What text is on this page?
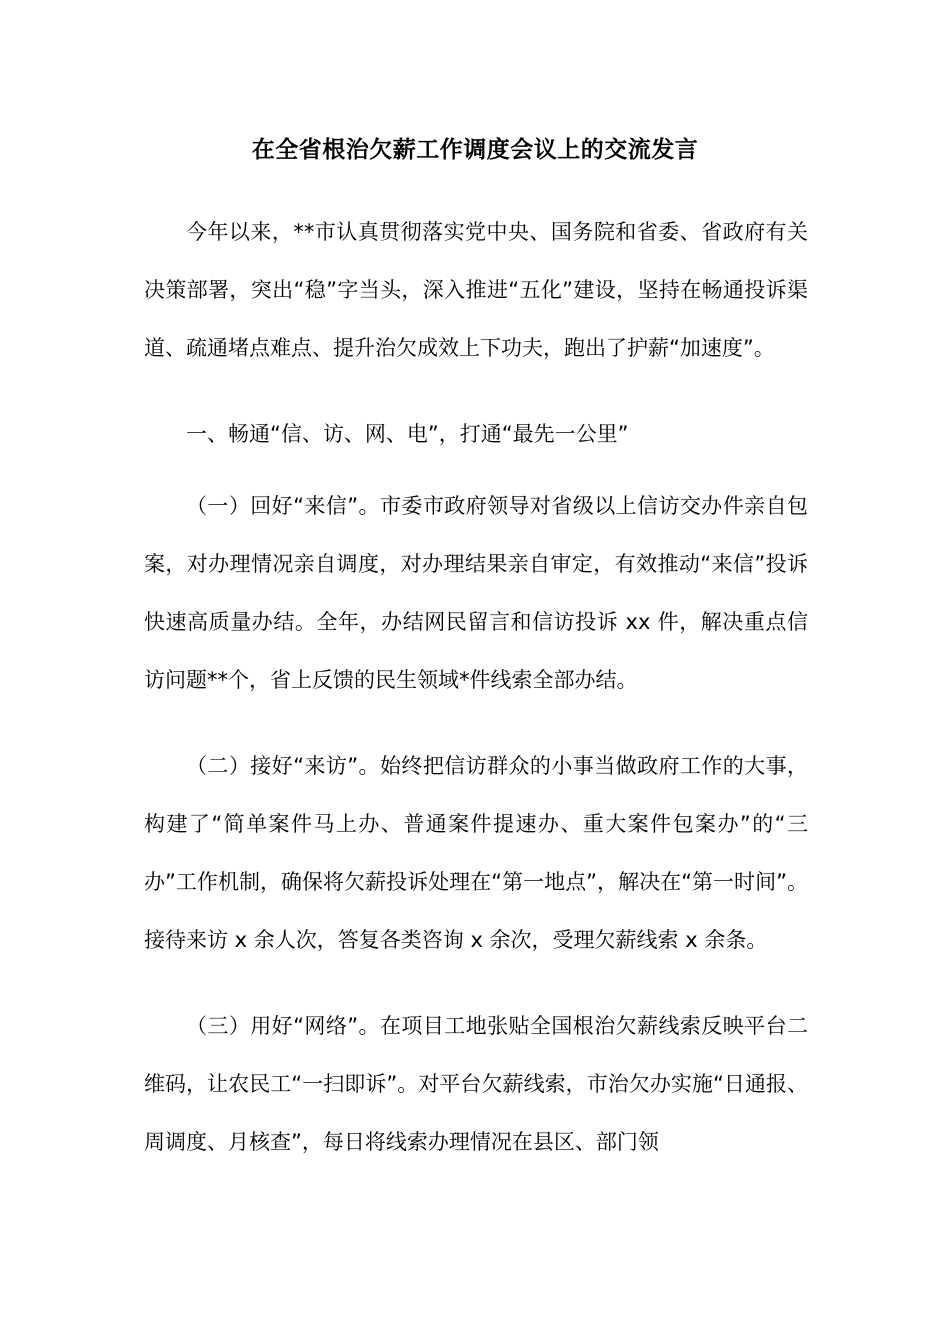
在全省根治欠薪工作调度会议上的交流发言

今年以来，**市认真贯彻落实党中央、国务院和省委、省政府有关决策部署，突出“稳”字当头，深入推进“五化”建设，坚持在畅通投诉渠道、疏通堵点难点、提升治欠成效上下功夫，跑出了护薪“加速度”。

一、畅通“信、访、网、电”，打通“最先一公里”

（一）回好“来信”。市委市政府领导对省级以上信访交办件亲自包案，对办理情况亲自调度，对办理结果亲自审定，有效推动“来信”投诉快速高质量办结。全年，办结网民留言和信访投诉 xx 件，解决重点信访问题**个，省上反馈的民生领域*件线索全部办结。

（二）接好“来访”。始终把信访群众的小事当做政府工作的大事，构建了“简单案件马上办、普通案件提速办、重大案件包案办”的“三办”工作机制，确保将欠薪投诉处理在“第一地点”，解决在“第一时间”。接待来访 x 余人次，答复各类咨询 x 余次，受理欠薪线索 x 余条。

（三）用好“网络”。在项目工地张贴全国根治欠薪线索反映平台二维码，让农民工“一扫即诉”。对平台欠薪线索，市治欠办实施“日通报、周调度、月核查”，每日将线索办理情况在县区、部门领
